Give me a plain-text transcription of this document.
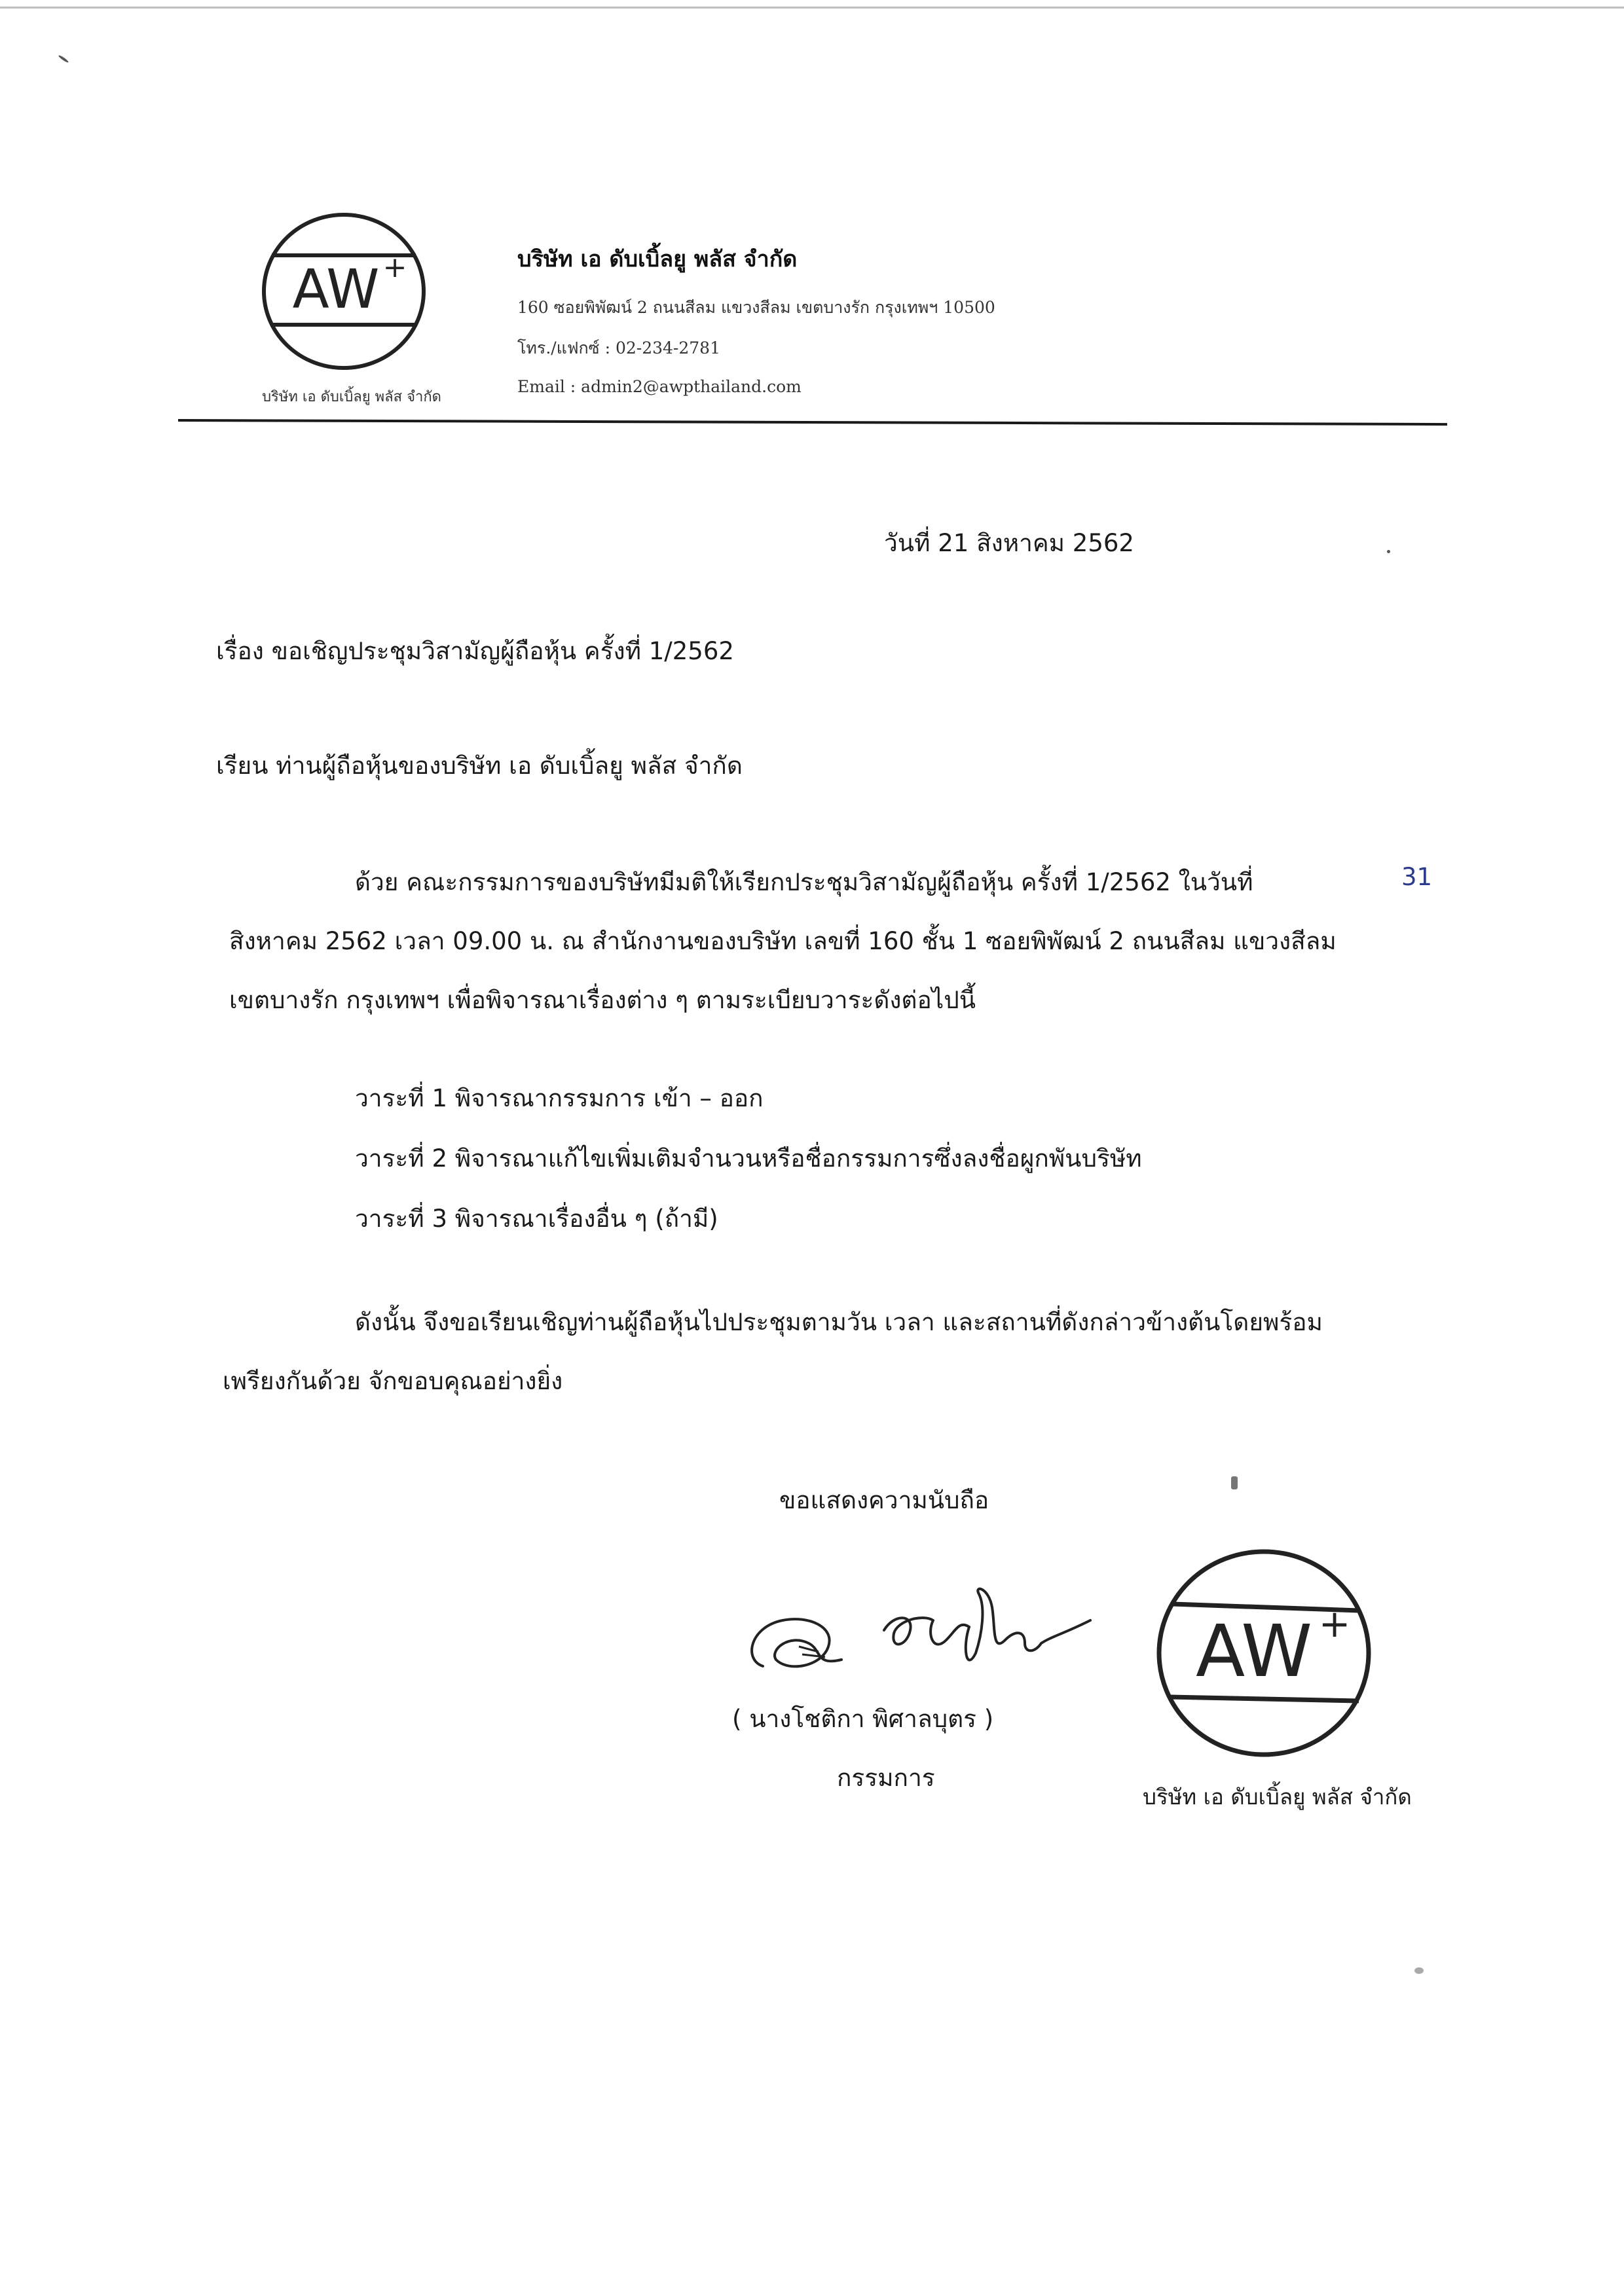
AW +
บริษัท เอ ดับเบิ้ลยู พลัส จำกัด
บริษัท เอ ดับเบิ้ลยู พลัส จำกัด
160 ซอยพิพัฒน์ 2 ถนนสีลม แขวงสีลม เขตบางรัก กรุงเทพฯ 10500
โทร./แฟกซ์ : 02-234-2781
Email : admin2@awpthailand.com
วันที่ 21 สิงหาคม 2562
เรื่อง ขอเชิญประชุมวิสามัญผู้ถือหุ้น ครั้งที่ 1/2562
เรียน ท่านผู้ถือหุ้นของบริษัท เอ ดับเบิ้ลยู พลัส จำกัด
ด้วย คณะกรรมการของบริษัทมีมติให้เรียกประชุมวิสามัญผู้ถือหุ้น ครั้งที่ 1/2562 ในวันที่	31
สิงหาคม 2562 เวลา 09.00 น. ณ สำนักงานของบริษัท เลขที่ 160 ชั้น 1 ซอยพิพัฒน์ 2 ถนนสีลม แขวงสีลม
เขตบางรัก กรุงเทพฯ เพื่อพิจารณาเรื่องต่าง ๆ ตามระเบียบวาระดังต่อไปนี้
วาระที่ 1 พิจารณากรรมการ เข้า – ออก
วาระที่ 2 พิจารณาแก้ไขเพิ่มเติมจำนวนหรือชื่อกรรมการซึ่งลงชื่อผูกพันบริษัท
วาระที่ 3 พิจารณาเรื่องอื่น ๆ (ถ้ามี)
ดังนั้น จึงขอเรียนเชิญท่านผู้ถือหุ้นไปประชุมตามวัน เวลา และสถานที่ดังกล่าวข้างต้นโดยพร้อม
เพรียงกันด้วย จักขอบคุณอย่างยิ่ง
ขอแสดงความนับถือ
( นางโชติกา พิศาลบุตร )
กรรมการ
AW +
บริษัท เอ ดับเบิ้ลยู พลัส จำกัด
